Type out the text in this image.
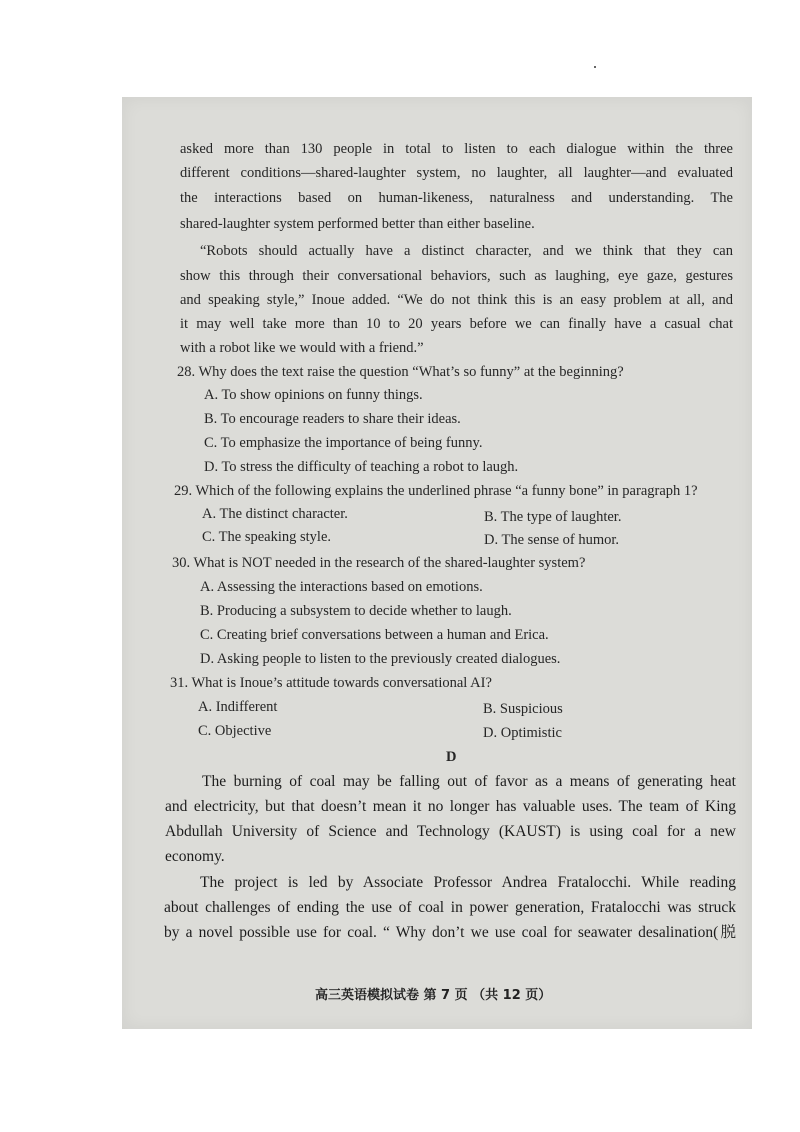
asked more than 130 people in total to listen to each dialogue within the three
different conditions—shared-laughter system, no laughter, all laughter—and evaluated
the interactions based on human-likeness, naturalness and understanding. The
shared-laughter system performed better than either baseline.
“Robots should actually have a distinct character, and we think that they can
show this through their conversational behaviors, such as laughing, eye gaze, gestures
and speaking style,” Inoue added. “We do not think this is an easy problem at all, and
it may well take more than 10 to 20 years before we can finally have a casual chat
with a robot like we would with a friend.”
28. Why does the text raise the question “What’s so funny” at the beginning?
A. To show opinions on funny things.
B. To encourage readers to share their ideas.
C. To emphasize the importance of being funny.
D. To stress the difficulty of teaching a robot to laugh.
29. Which of the following explains the underlined phrase “a funny bone” in paragraph 1?
A. The distinct character.	B. The type of laughter.
C. The speaking style.	D. The sense of humor.
30. What is NOT needed in the research of the shared-laughter system?
A. Assessing the interactions based on emotions.
B. Producing a subsystem to decide whether to laugh.
C. Creating brief conversations between a human and Erica.
D. Asking people to listen to the previously created dialogues.
31. What is Inoue’s attitude towards conversational AI?
A. Indifferent	B. Suspicious
C. Objective	D. Optimistic
D
The burning of coal may be falling out of favor as a means of generating heat
and electricity, but that doesn’t mean it no longer has valuable uses. The team of King
Abdullah University of Science and Technology (KAUST) is using coal for a new
economy.
The project is led by Associate Professor Andrea Fratalocchi. While reading
about challenges of ending the use of coal in power generation, Fratalocchi was struck
by a novel possible use for coal. “ Why don’t we use coal for seawater desalination(脱
高三英语模拟试卷 第 7 页 （共 12 页）
